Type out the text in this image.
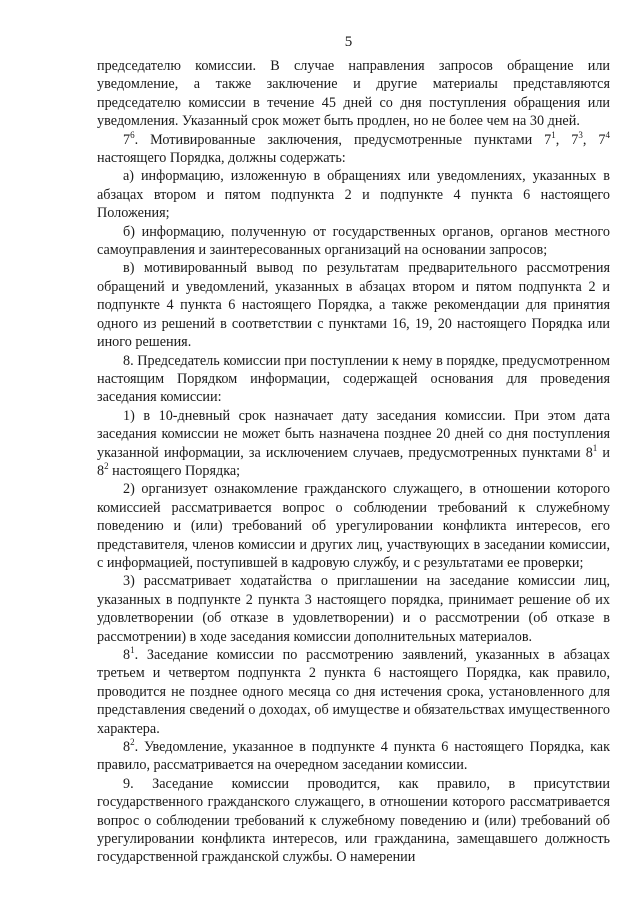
5

председателю комиссии. В случае направления запросов обращение или уведомление, а также заключение и другие материалы представляются председателю комиссии в течение 45 дней со дня поступления обращения или уведомления. Указанный срок может быть продлен, но не более чем на 30 дней.

$7^6$. Мотивированные заключения, предусмотренные пунктами $7^1$, $7^3$, $7^4$ настоящего Порядка, должны содержать:

а) информацию, изложенную в обращениях или уведомлениях, указанных в абзацах втором и пятом подпункта 2 и подпункте 4 пункта 6 настоящего Положения;

б) информацию, полученную от государственных органов, органов местного самоуправления и заинтересованных организаций на основании запросов;

в) мотивированный вывод по результатам предварительного рассмотрения обращений и уведомлений, указанных в абзацах втором и пятом подпункта 2 и подпункте 4 пункта 6 настоящего Порядка, а также рекомендации для принятия одного из решений в соответствии с пунктами 16, 19, 20 настоящего Порядка или иного решения.

8. Председатель комиссии при поступлении к нему в порядке, предусмотренном настоящим Порядком информации, содержащей основания для проведения заседания комиссии:

1) в 10-дневный срок назначает дату заседания комиссии. При этом дата заседания комиссии не может быть назначена позднее 20 дней со дня поступления указанной информации, за исключением случаев, предусмотренных пунктами $8^1$ и $8^2$ настоящего Порядка;

2) организует ознакомление гражданского служащего, в отношении которого комиссией рассматривается вопрос о соблюдении требований к служебному поведению и (или) требований об урегулировании конфликта интересов, его представителя, членов комиссии и других лиц, участвующих в заседании комиссии, с информацией, поступившей в кадровую службу, и с результатами ее проверки;

3) рассматривает ходатайства о приглашении на заседание комиссии лиц, указанных в подпункте 2 пункта 3 настоящего порядка, принимает решение об их удовлетворении (об отказе в удовлетворении) и о рассмотрении (об отказе в рассмотрении) в ходе заседания комиссии дополнительных материалов.

$8^1$. Заседание комиссии по рассмотрению заявлений, указанных в абзацах третьем и четвертом подпункта 2 пункта 6 настоящего Порядка, как правило, проводится не позднее одного месяца со дня истечения срока, установленного для представления сведений о доходах, об имуществе и обязательствах имущественного характера.

$8^2$. Уведомление, указанное в подпункте 4 пункта 6 настоящего Порядка, как правило, рассматривается на очередном заседании комиссии.

9. Заседание комиссии проводится, как правило, в присутствии государственного гражданского служащего, в отношении которого рассматривается вопрос о соблюдении требований к служебному поведению и (или) требований об урегулировании конфликта интересов, или гражданина, замещавшего должность государственной гражданской службы. О намерении
